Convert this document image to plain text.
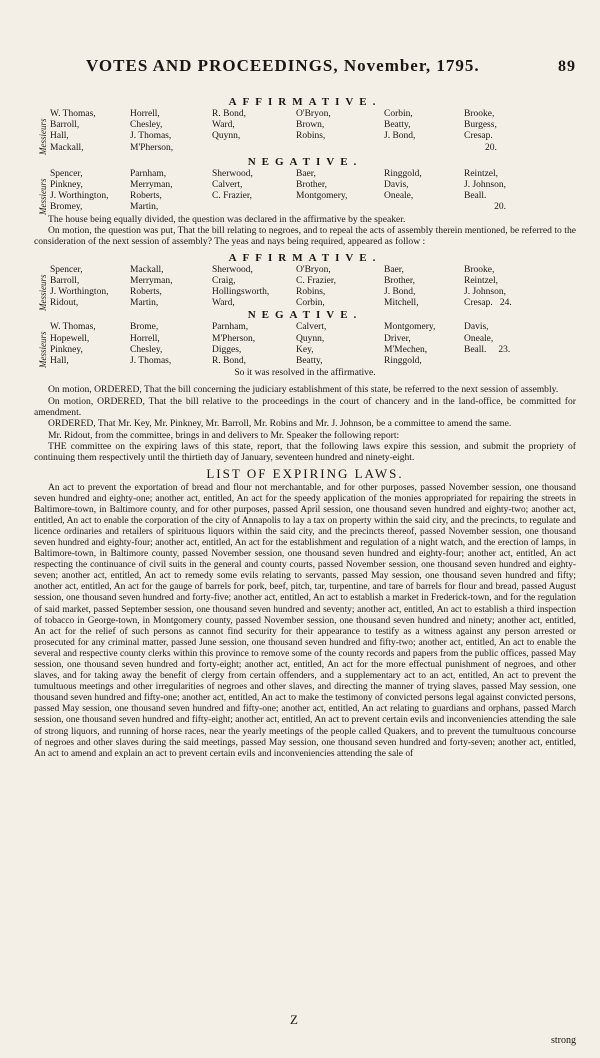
VOTES AND PROCEEDINGS, November, 1795.	89
AFFIRMATIVE.
Messieurs
W. Thomas,	Horrell,	R. Bond,	O'Bryon,	Corbin,	Brooke,
Barroll,	Chesley,	Ward,	Brown,	Beatty,	Burgess,
Hall,	J. Thomas,	Quynn,	Robins,	J. Bond,	Cresap.
Mackall,	M'Pherson,				20.
NEGATIVE.
Messieurs
Spencer,	Parnham,	Sherwood,	Baer,	Ringgold,	Reintzel,
Pinkney,	Merryman,	Calvert,	Brother,	Davis,	J. Johnson,
J. Worthington,	Roberts,	C. Frazier,	Montgomery,	Oneale,	Beall.
Bromey,	Martin,				20.

The house being equally divided, the question was declared in the affirmative by the speaker.

On motion, the question was put, That the bill relating to negroes, and to repeal the acts of assembly therein mentioned, be referred to the consideration of the next session of assembly? The yeas and nays being required, appeared as follow :

AFFIRMATIVE.
Messieurs
Spencer,	Mackall,	Sherwood,	O'Bryon,	Baer,	Brooke,
Barroll,	Merryman,	Craig,	C. Frazier,	Brother,	Reintzel,
J. Worthington,	Roberts,	Hollingsworth,	Robins,	J. Bond,	J. Johnson,
Ridout,	Martin,	Ward,	Corbin,	Mitchell,	Cresap. 24.
NEGATIVE.
Messieurs
W. Thomas,	Brome,	Parnham,	Calvert,	Montgomery,	Davis,
Hopewell,	Horrell,	M'Pherson,	Quynn,	Driver,	Oneale,
Pinkney,	Chesley,	Digges,	Key,	M'Mechen,	Beall. 23.
Hall,	J. Thomas,	R. Bond,	Beatty,	Ringgold,	

So it was resolved in the affirmative.

On motion, ORDERED, That the bill concerning the judiciary establishment of this state, be referred to the next session of assembly.

On motion, ORDERED, That the bill relative to the proceedings in the court of chancery and in the land-office, be committed for amendment.

ORDERED, That Mr. Key, Mr. Pinkney, Mr. Barroll, Mr. Robins and Mr. J. Johnson, be a committee to amend the same.

Mr. Ridout, from the committee, brings in and delivers to Mr. Speaker the following report:

THE committee on the expiring laws of this state, report, that the following laws expire this session, and submit the propriety of continuing them respectively until the thirtieth day of January, seventeen hundred and ninety-eight.

LIST OF EXPIRING LAWS.

An act to prevent the exportation of bread and flour not merchantable, and for other purposes, passed November session, one thousand seven hundred and eighty-one; another act, entitled, An act for the speedy application of the monies appropriated for repairing the streets in Baltimore-town, in Baltimore county, and for other purposes, passed April session, one thousand seven hundred and eighty-two; another act, entitled, An act to enable the corporation of the city of Annapolis to lay a tax on property within the said city, and the precincts, to regulate and licence ordinaries and retailers of spirituous liquors within the said city, and the precincts thereof, passed November session, one thousand seven hundred and eighty-four; another act, entitled, An act for the establishment and regulation of a night watch, and the erection of lamps, in Baltimore-town, in Baltimore county, passed November session, one thousand seven hundred and eighty-four; another act, entitled, An act respecting the continuance of civil suits in the general and county courts, passed November session, one thousand seven hundred and eighty-seven; another act, entitled, An act to remedy some evils relating to servants, passed May session, one thousand seven hundred and fifty; another act, entitled, An act for the gauge of barrels for pork, beef, pitch, tar, turpentine, and tare of barrels for flour and bread, passed August session, one thousand seven hundred and forty-five; another act, entitled, An act to establish a market in Frederick-town, and for the regulation of said market, passed September session, one thousand seven hundred and seventy; another act, entitled, An act to establish a third inspection of tobacco in George-town, in Montgomery county, passed November session, one thousand seven hundred and ninety; another act, entitled, An act for the relief of such persons as cannot find security for their appearance to testify as a witness against any person arrested or prosecuted for any criminal matter, passed June session, one thousand seven hundred and fifty-two; another act, entitled, An act to enable the several and respective county clerks within this province to remove some of the county records and papers from the public offices, passed May session, one thousand seven hundred and forty-eight; another act, entitled, An act for the more effectual punishment of negroes, and other slaves, and for taking away the benefit of clergy from certain offenders, and a supplementary act to an act, entitled, An act to prevent the tumultuous meetings and other irregularities of negroes and other slaves, and directing the manner of trying slaves, passed May session, one thousand seven hundred and fifty-one; another act, entitled, An act to make the testimony of convicted persons legal against convicted persons, passed May session, one thousand seven hundred and fifty-one; another act, entitled, An act relating to guardians and orphans, passed March session, one thousand seven hundred and fifty-eight; another act, entitled, An act to prevent certain evils and inconveniencies attending the sale of strong liquors, and running of horse races, near the yearly meetings of the people called Quakers, and to prevent the tumultuous concourse of negroes and other slaves during the said meetings, passed May session, one thousand seven hundred and forty-seven; another act, entitled, An act to amend and explain an act to prevent certain evils and inconveniencies attending the sale of

Z
strong
